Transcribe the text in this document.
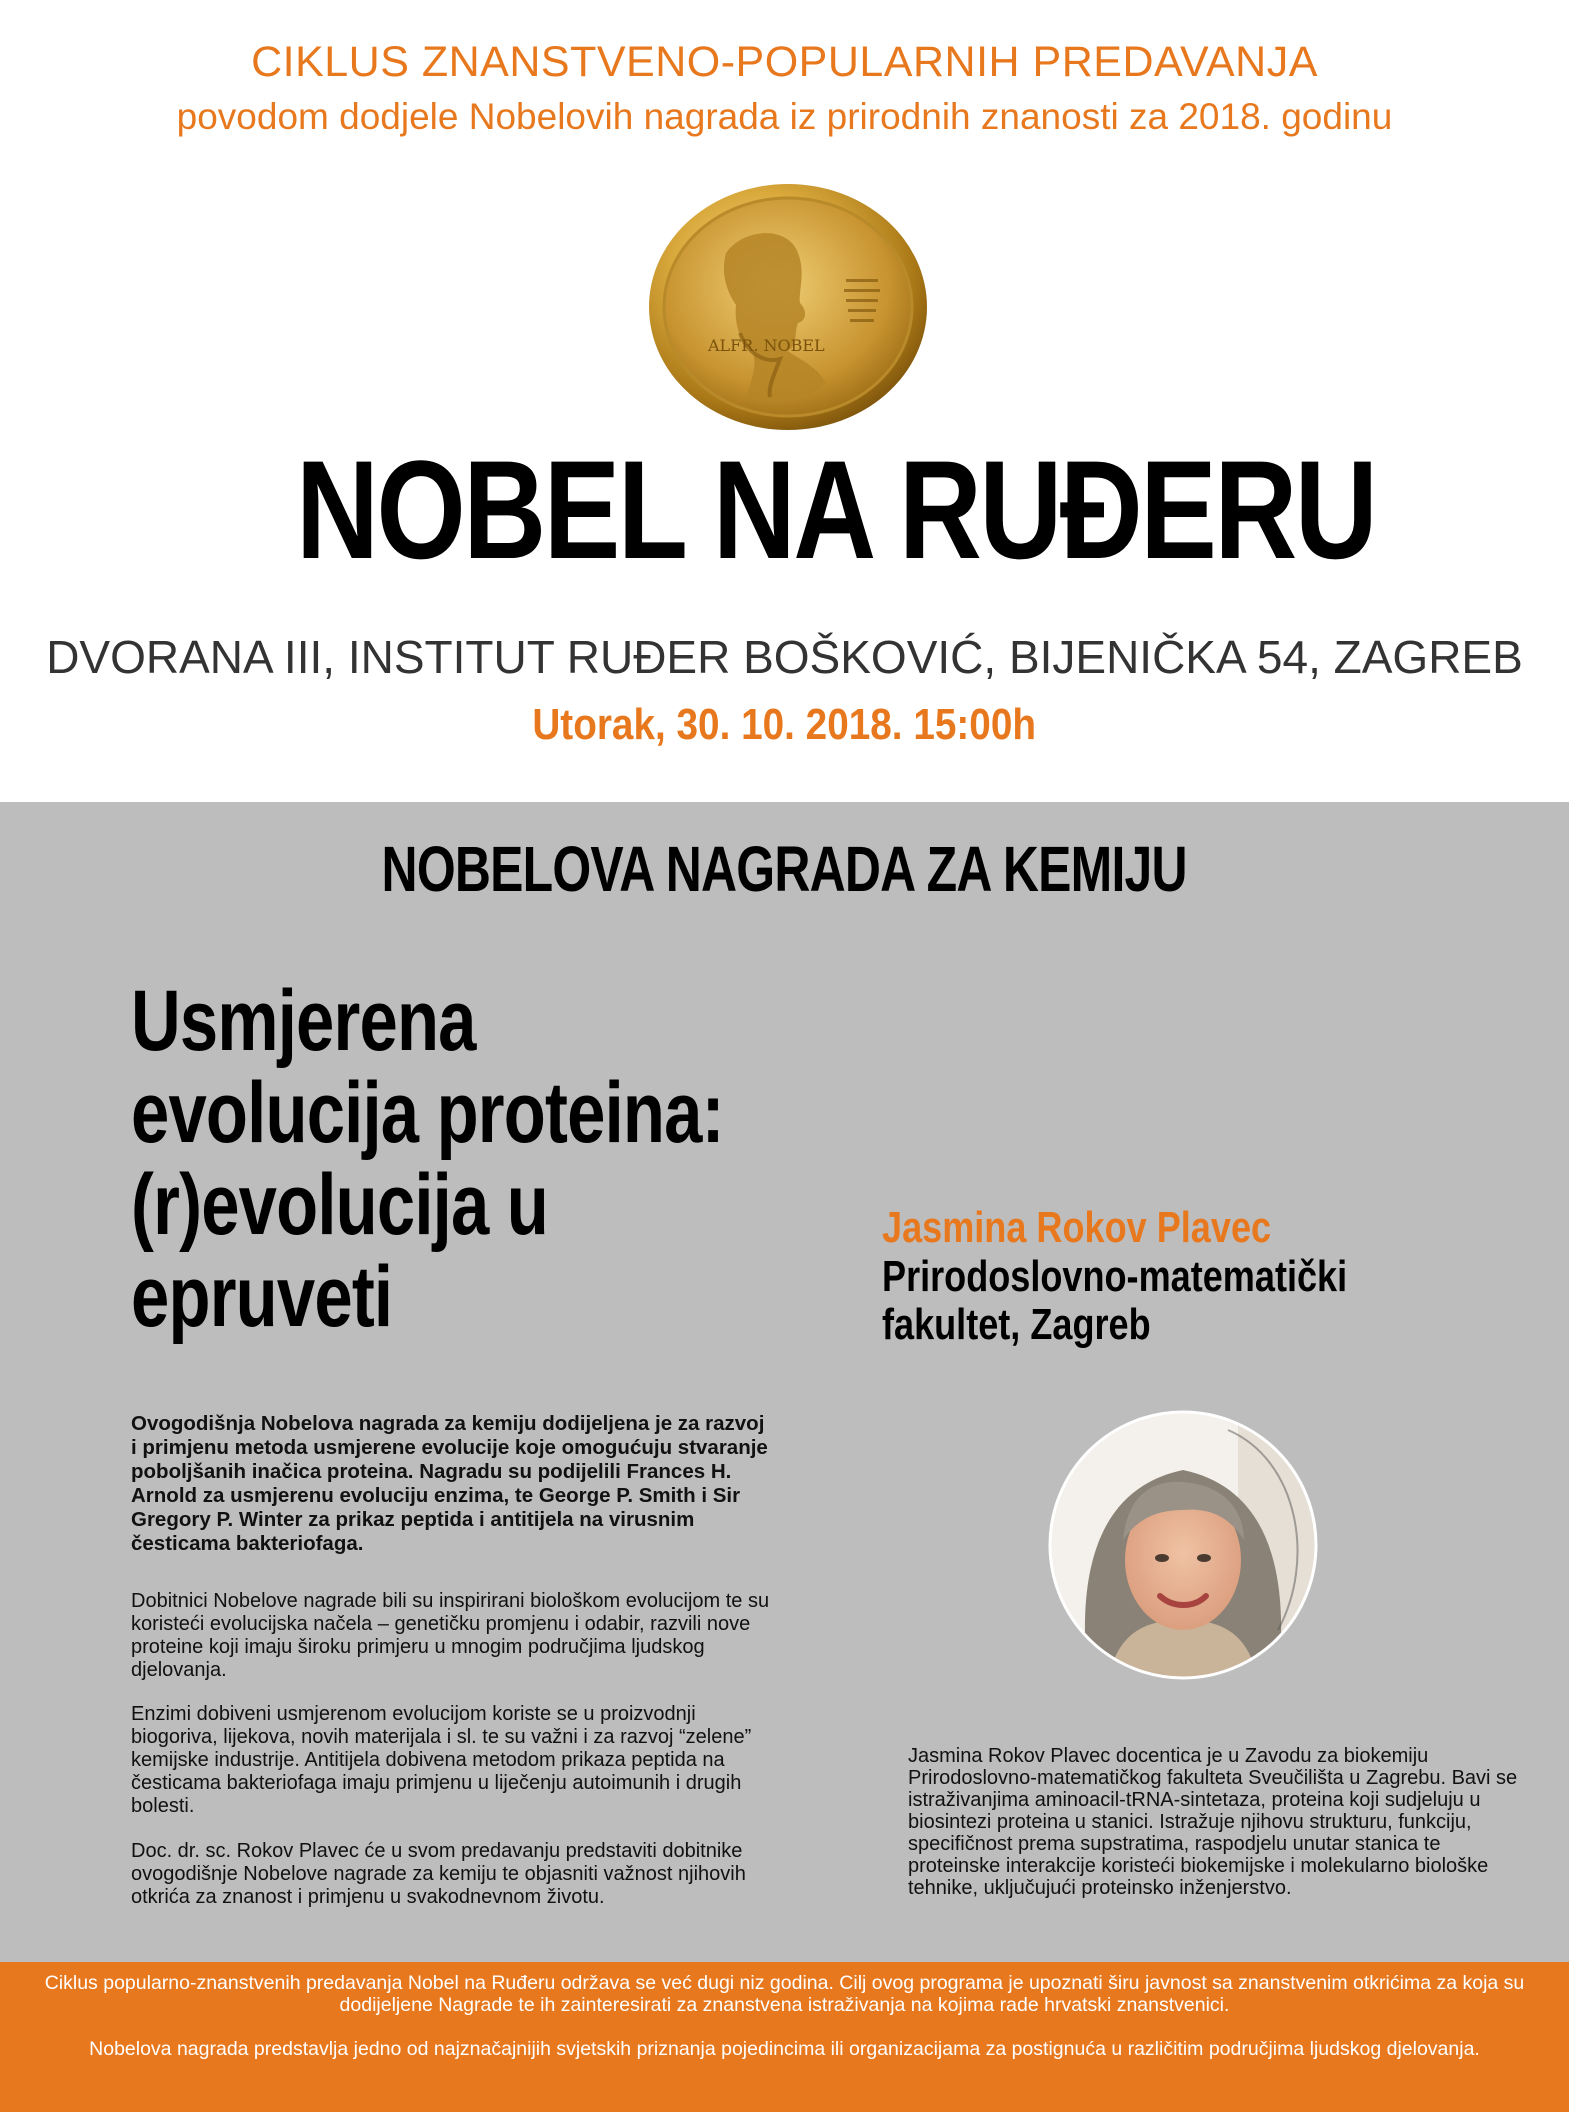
CIKLUS ZNANSTVENO-POPULARNIH PREDAVANJA
povodom dodjele Nobelovih nagrada iz prirodnih znanosti za 2018. godinu
ALFR. NOBEL
NOBEL NA RUĐERU
DVORANA III, INSTITUT RUĐER BOŠKOVIĆ, BIJENIČKA 54, ZAGREB
Utorak, 30. 10. 2018. 15:00h
NOBELOVA NAGRADA ZA KEMIJU
Usmjerena
evolucija proteina:
(r)evolucija u
epruveti
Jasmina Rokov Plavec
Prirodoslovno-matematički
fakultet, Zagreb
Ovogodišnja Nobelova nagrada za kemiju dodijeljena je za razvoj i primjenu metoda usmjerene evolucije koje omogućuju stvaranje poboljšanih inačica proteina. Nagradu su podijelili Frances H. Arnold za usmjerenu evoluciju enzima, te George P. Smith i Sir Gregory P. Winter za prikaz peptida i antitijela na virusnim česticama bakteriofaga.
Dobitnici Nobelove nagrade bili su inspirirani biološkom evolucijom te su koristeći evolucijska načela – genetičku promjenu i odabir, razvili nove proteine koji imaju široku primjeru u mnogim područjima ljudskog djelovanja.
Enzimi dobiveni usmjerenom evolucijom koriste se u proizvodnji biogoriva, lijekova, novih materijala i sl. te su važni i za razvoj “zelene” kemijske industrije. Antitijela dobivena metodom prikaza peptida na česticama bakteriofaga imaju primjenu u liječenju autoimunih i drugih bolesti.
Doc. dr. sc. Rokov Plavec će u svom predavanju predstaviti dobitnike ovogodišnje Nobelove nagrade za kemiju te objasniti važnost njihovih otkrića za znanost i primjenu u svakodnevnom životu.
Jasmina Rokov Plavec docentica je u Zavodu za biokemiju Prirodoslovno-matematičkog fakulteta Sveučilišta u Zagrebu. Bavi se istraživanjima aminoacil-tRNA-sintetaza, proteina koji sudjeluju u biosintezi proteina u stanici. Istražuje njihovu strukturu, funkciju, specifičnost prema supstratima, raspodjelu unutar stanica te proteinske interakcije koristeći biokemijske i molekularno biološke tehnike, uključujući proteinsko inženjerstvo.
Ciklus popularno-znanstvenih predavanja Nobel na Ruđeru održava se već dugi niz godina. Cilj ovog programa je upoznati širu javnost sa znanstvenim otkrićima za koja su dodijeljene Nagrade te ih zainteresirati za znanstvena istraživanja na kojima rade hrvatski znanstvenici.
Nobelova nagrada predstavlja jedno od najznačajnijih svjetskih priznanja pojedincima ili organizacijama za postignuća u različitim područjima ljudskog djelovanja.
